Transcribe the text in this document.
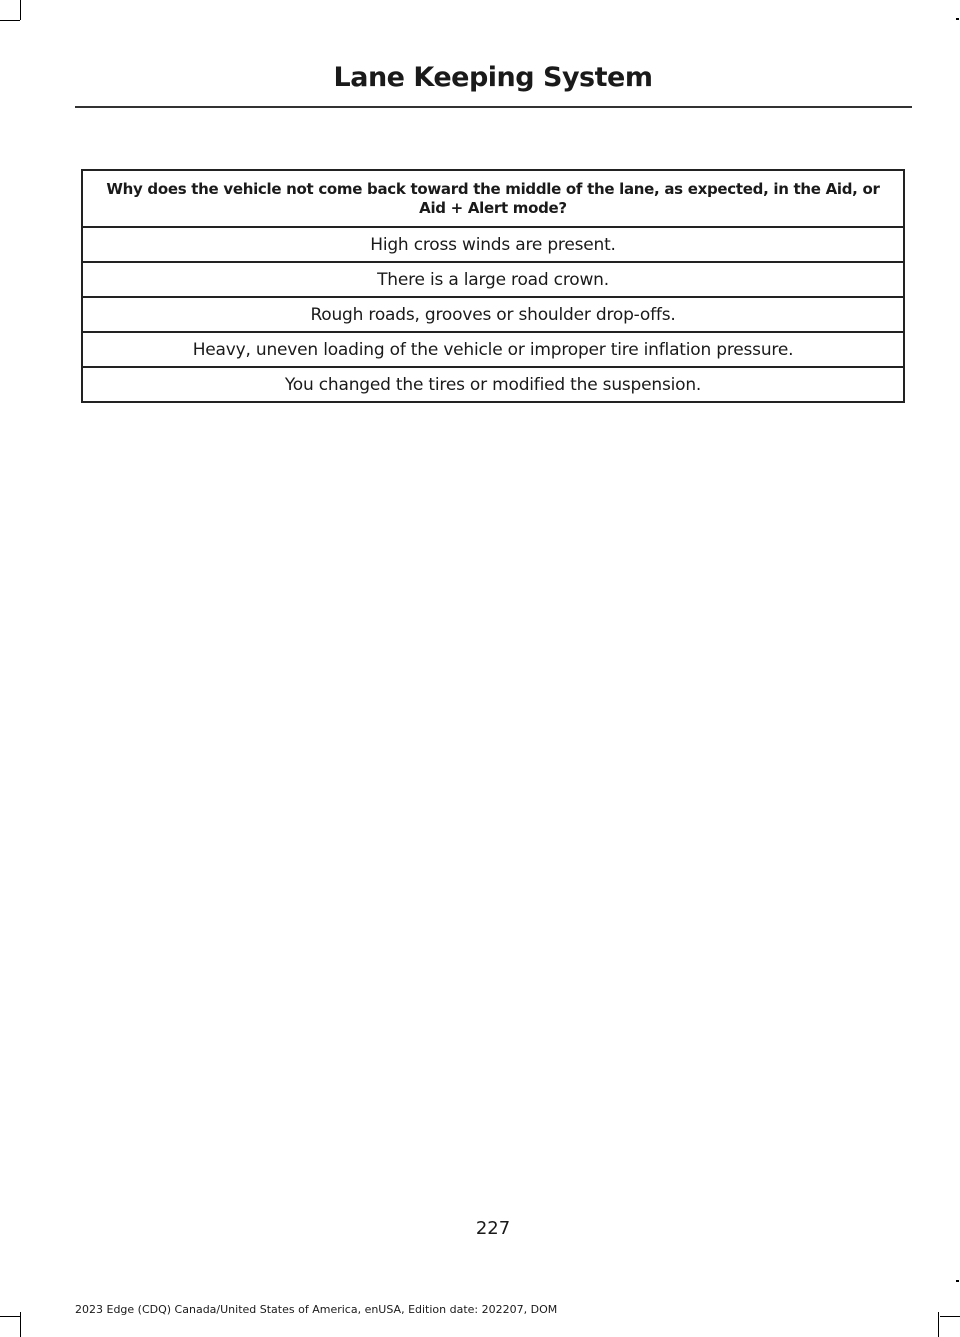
Lane Keeping System
Why does the vehicle not come back toward the middle of the lane, as expected, in the Aid, or Aid + Alert mode?
High cross winds are present.
There is a large road crown.
Rough roads, grooves or shoulder drop-offs.
Heavy, uneven loading of the vehicle or improper tire inflation pressure.
You changed the tires or modified the suspension.
227
2023 Edge (CDQ) Canada/United States of America, enUSA, Edition date: 202207, DOM
